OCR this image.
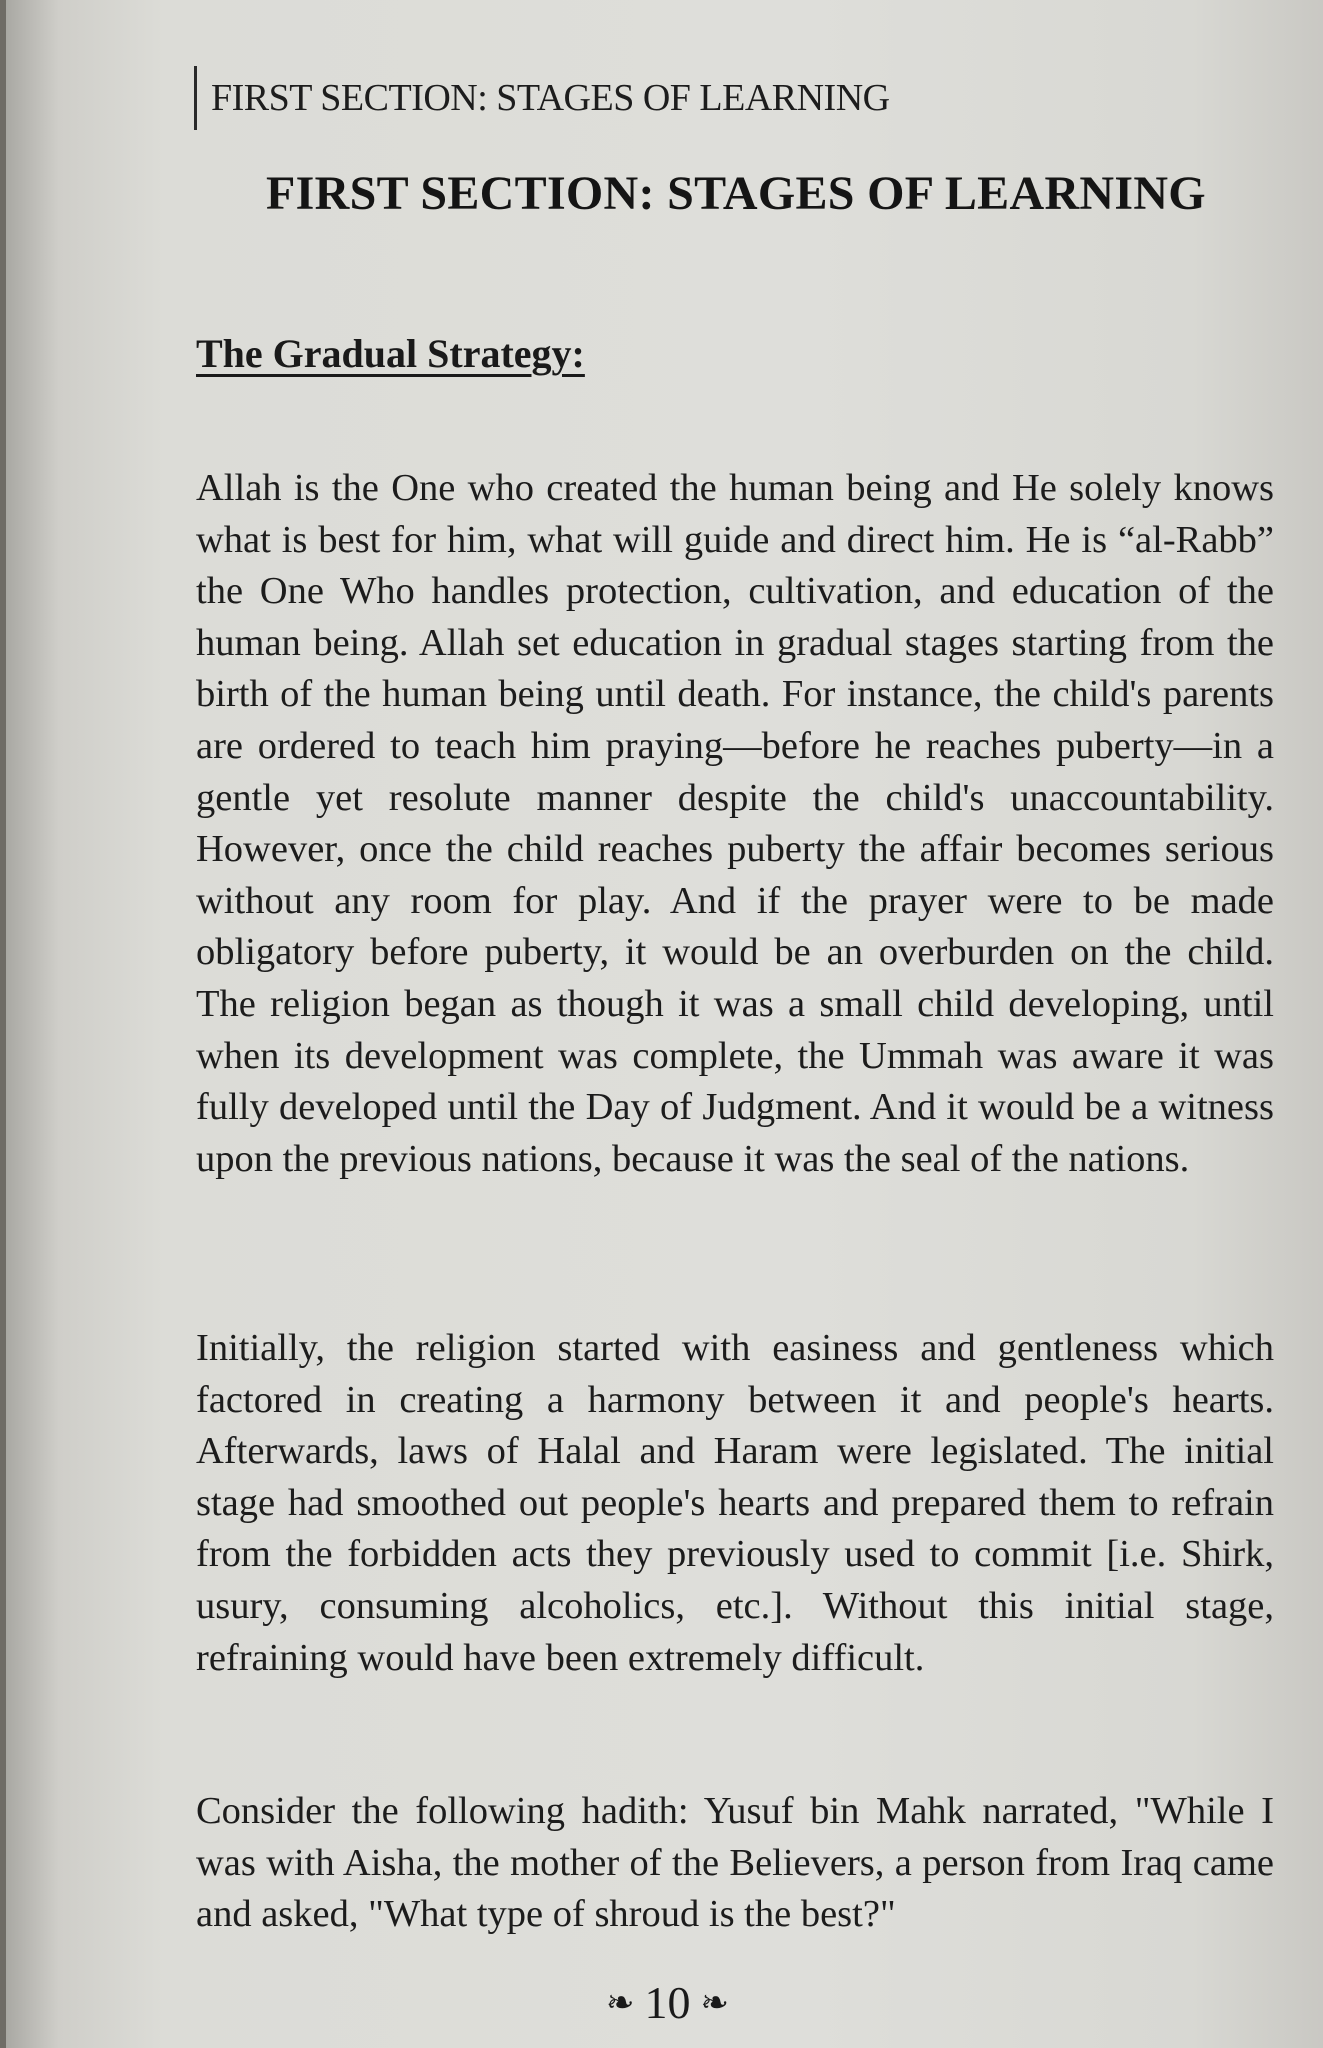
FIRST SECTION: STAGES OF LEARNING
FIRST SECTION: STAGES OF LEARNING
The Gradual Strategy:

Allah is the One who created the human being and He solely knows what is best for him, what will guide and direct him. He is “al-Rabb” the One Who handles protection, cultivation, and education of the human being. Allah set education in gradual stages starting from the birth of the human being until death. For instance, the child's parents are ordered to teach him praying—before he reaches puberty—in a gentle yet resolute manner despite the child's unaccountability. However, once the child reaches puberty the affair becomes serious without any room for play. And if the prayer were to be made obligatory before puberty, it would be an overburden on the child. The religion began as though it was a small child developing, until when its development was complete, the Ummah was aware it was fully developed until the Day of Judgment. And it would be a witness upon the previous nations, because it was the seal of the nations.

Initially, the religion started with easiness and gentleness which factored in creating a harmony between it and people's hearts. Afterwards, laws of Halal and Haram were legislated. The initial stage had smoothed out people's hearts and prepared them to refrain from the forbidden acts they previously used to commit [i.e. Shirk, usury, consuming alcoholics, etc.]. Without this initial stage, refraining would have been extremely difficult.

Consider the following hadith: Yusuf bin Mahk narrated, "While I was with Aisha, the mother of the Believers, a person from Iraq came and asked, "What type of shroud is the best?"

❧ 10 ❧
